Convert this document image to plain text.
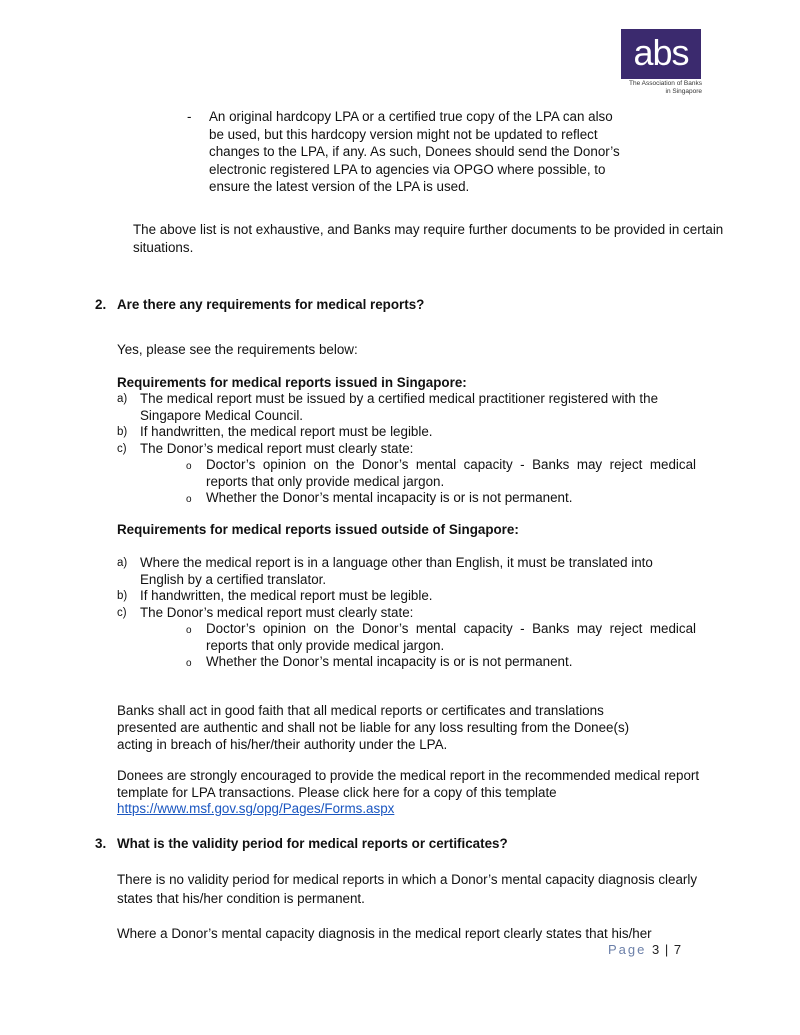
abs
The Association of Banks
in Singapore
- An original hardcopy LPA or a certified true copy of the LPA can also be used, but this hardcopy version might not be updated to reflect changes to the LPA, if any. As such, Donees should send the Donor’s electronic registered LPA to agencies via OPGO where possible, to ensure the latest version of the LPA is used.
The above list is not exhaustive, and Banks may require further documents to be provided in certain situations.
2. Are there any requirements for medical reports?
Yes, please see the requirements below:
Requirements for medical reports issued in Singapore:
a) The medical report must be issued by a certified medical practitioner registered with the Singapore Medical Council.
b) If handwritten, the medical report must be legible.
c) The Donor’s medical report must clearly state:
o Doctor’s opinion on the Donor’s mental capacity - Banks may reject medical reports that only provide medical jargon.
o Whether the Donor’s mental incapacity is or is not permanent.
Requirements for medical reports issued outside of Singapore:
a) Where the medical report is in a language other than English, it must be translated into English by a certified translator.
b) If handwritten, the medical report must be legible.
c) The Donor’s medical report must clearly state:
o Doctor’s opinion on the Donor’s mental capacity - Banks may reject medical reports that only provide medical jargon.
o Whether the Donor’s mental incapacity is or is not permanent.
Banks shall act in good faith that all medical reports or certificates and translations presented are authentic and shall not be liable for any loss resulting from the Donee(s) acting in breach of his/her/their authority under the LPA.
Donees are strongly encouraged to provide the medical report in the recommended medical report template for LPA transactions. Please click here for a copy of this template
https://www.msf.gov.sg/opg/Pages/Forms.aspx
3. What is the validity period for medical reports or certificates?
There is no validity period for medical reports in which a Donor’s mental capacity diagnosis clearly states that his/her condition is permanent.
Where a Donor’s mental capacity diagnosis in the medical report clearly states that his/her
Page 3 | 7
